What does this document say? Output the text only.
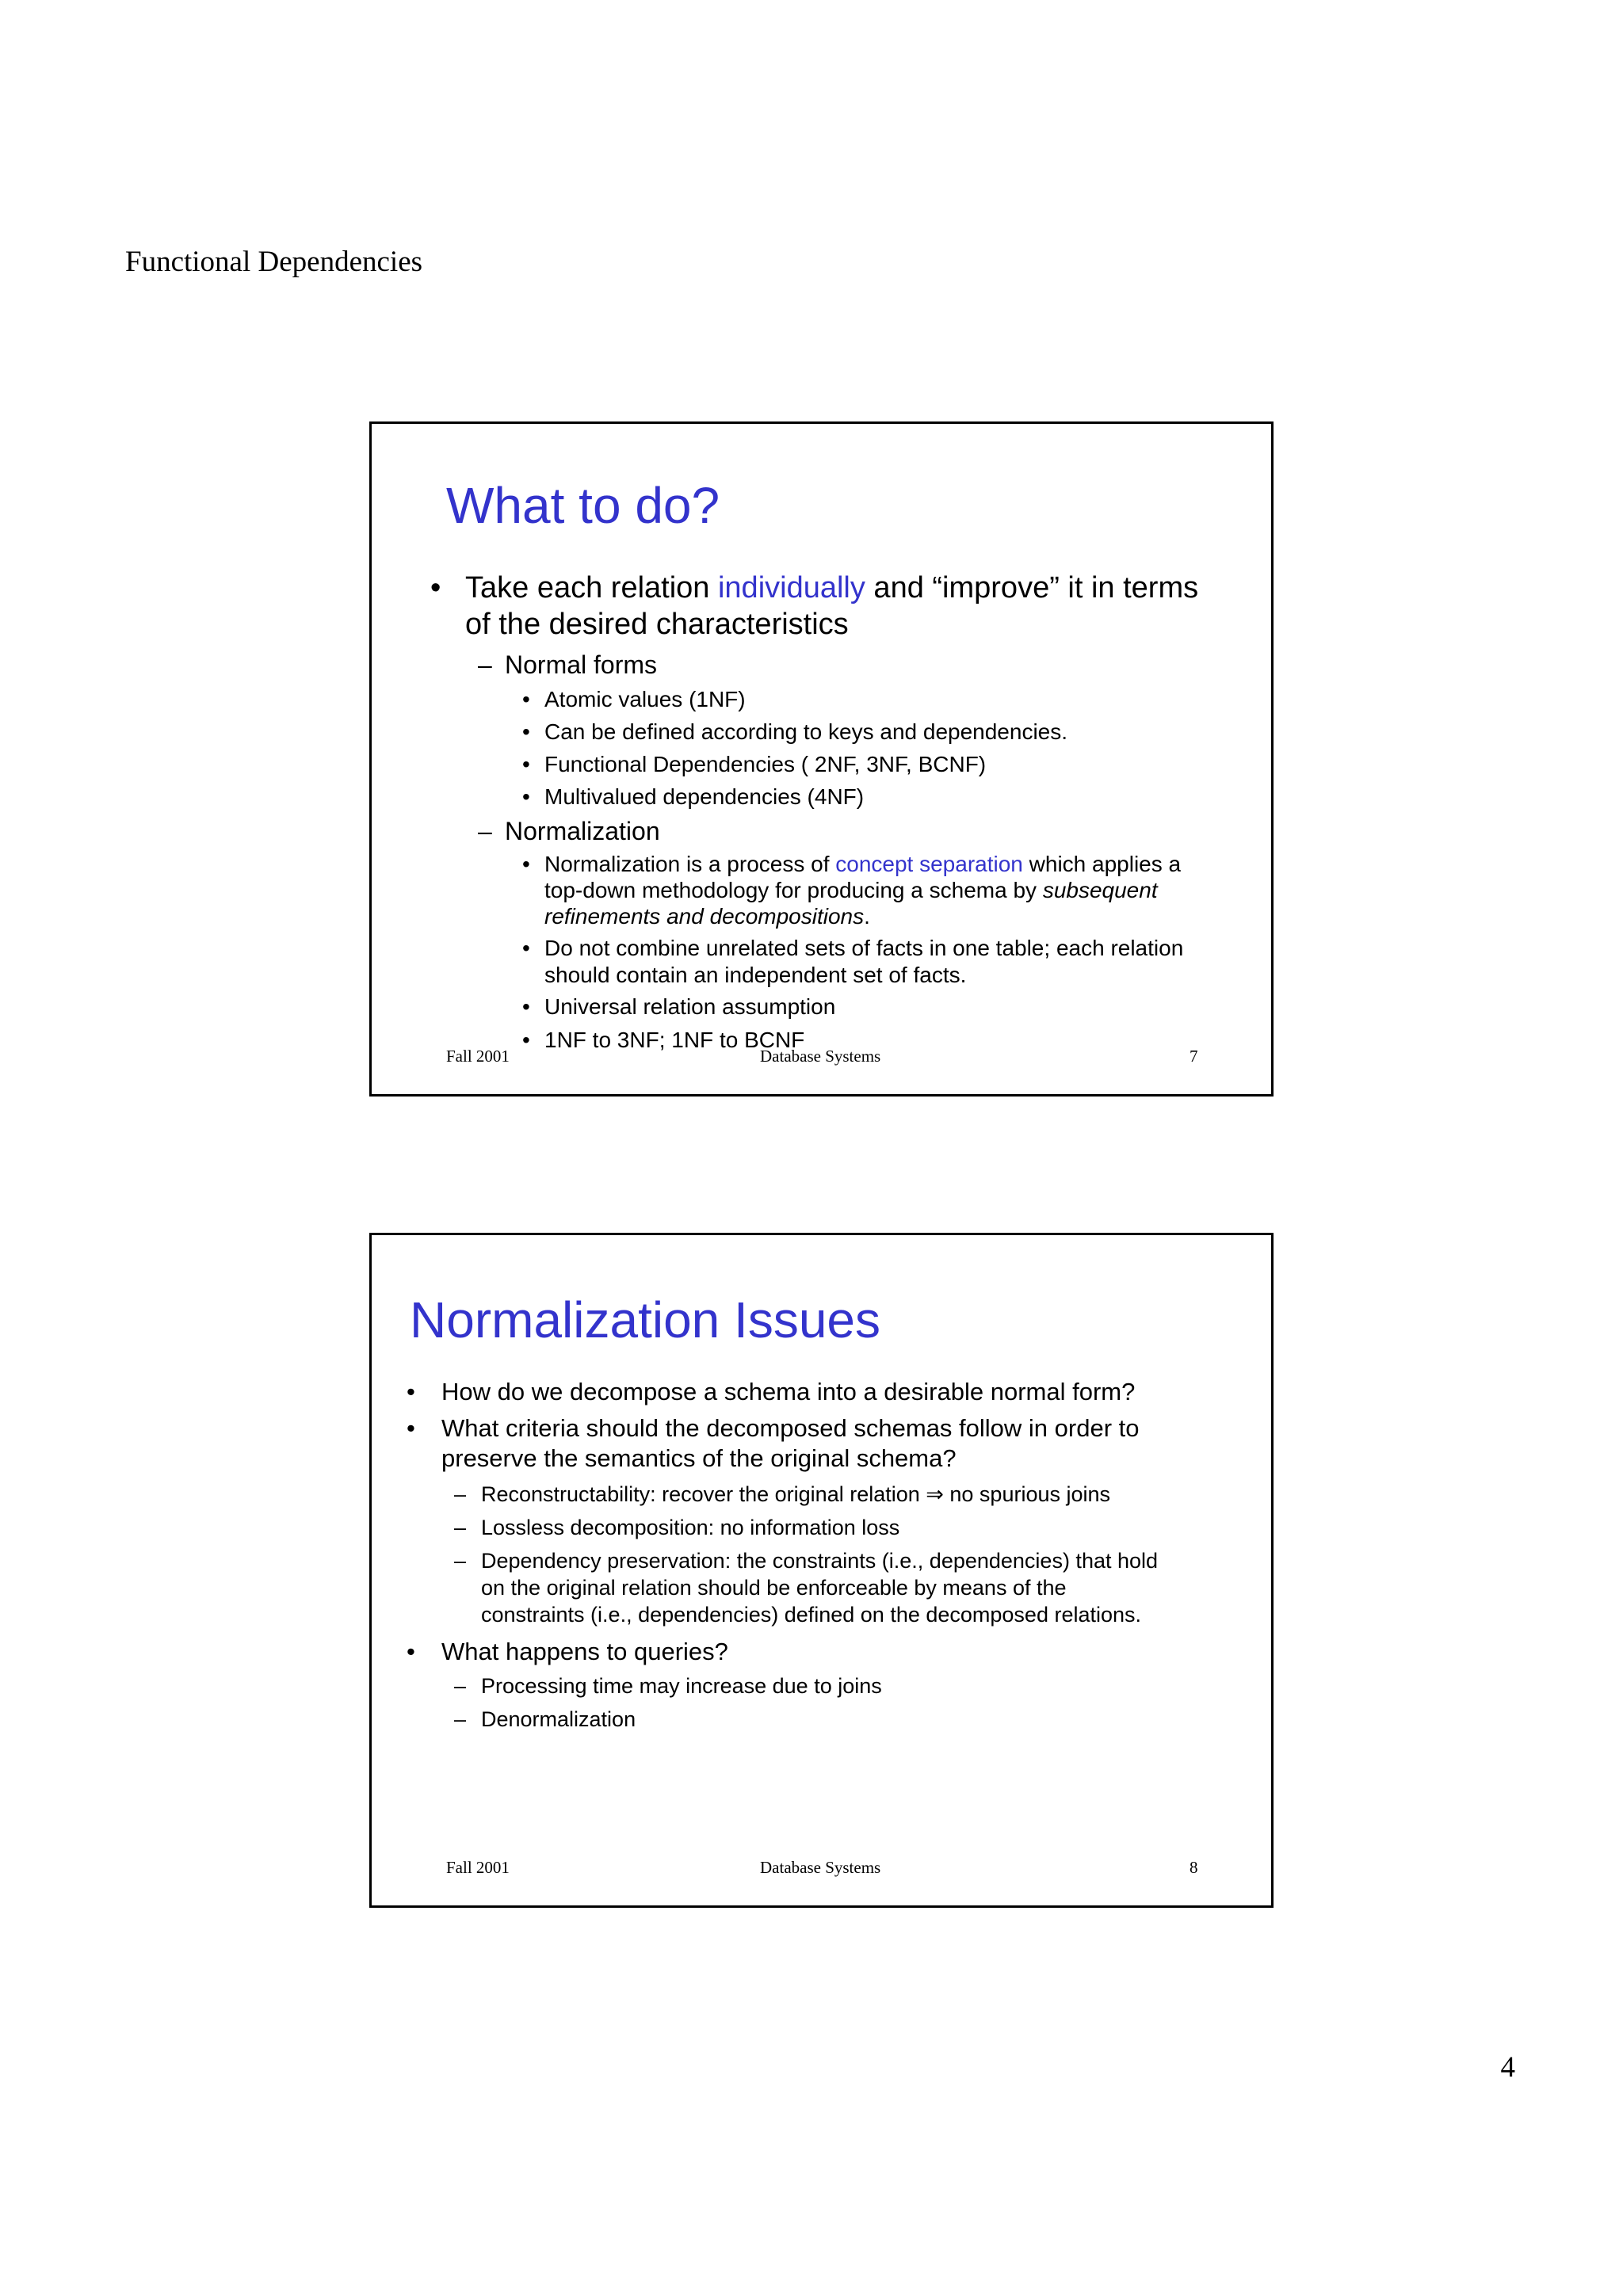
Functional Dependencies
What to do?
• Take each relation individually and “improve” it in terms
of the desired characteristics
– Normal forms
• Atomic values (1NF)
• Can be defined according to keys and dependencies.
• Functional Dependencies ( 2NF, 3NF, BCNF)
• Multivalued dependencies (4NF)
– Normalization
• Normalization is a process of concept separation which applies a
top-down methodology for producing a schema by subsequent
refinements and decompositions.
• Do not combine unrelated sets of facts in one table; each relation
should contain an independent set of facts.
• Universal relation assumption
• 1NF to 3NF; 1NF to BCNF
Fall 2001	Database Systems	7
Normalization Issues
• How do we decompose a schema into a desirable normal form?
• What criteria should the decomposed schemas follow in order to
preserve the semantics of the original schema?
– Reconstructability: recover the original relation ⇒ no spurious joins
– Lossless decomposition: no information loss
– Dependency preservation: the constraints (i.e., dependencies) that hold
on the original relation should be enforceable by means of the
constraints (i.e., dependencies) defined on the decomposed relations.
• What happens to queries?
– Processing time may increase due to joins
– Denormalization
Fall 2001	Database Systems	8
4
